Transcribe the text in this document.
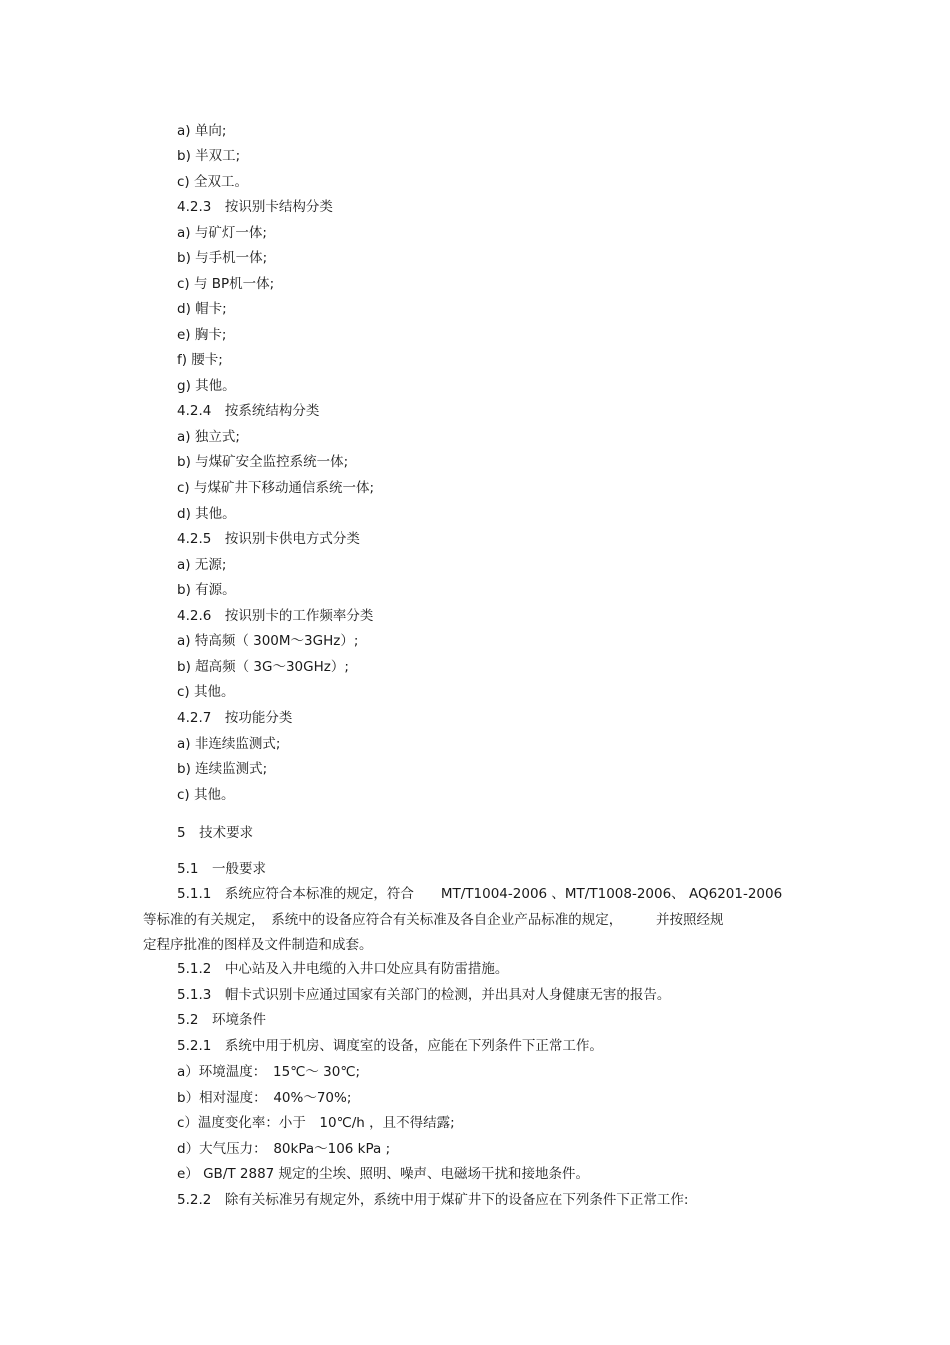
a) 单向;
b) 半双工;
c) 全双工。
4.2.3　按识别卡结构分类
a) 与矿灯一体;
b) 与手机一体;
c) 与 BP机一体;
d) 帽卡;
e) 胸卡;
f) 腰卡;
g) 其他。
4.2.4　按系统结构分类
a) 独立式;
b) 与煤矿安全监控系统一体;
c) 与煤矿井下移动通信系统一体;
d) 其他。
4.2.5　按识别卡供电方式分类
a) 无源;
b) 有源。
4.2.6　按识别卡的工作频率分类
a) 特高频（ 300M～3GHz）;
b) 超高频（ 3G～30GHz）;
c) 其他。
4.2.7　按功能分类
a) 非连续监测式;
b) 连续监测式;
c) 其他。
5　技术要求
5.1　一般要求
5.1.1　系统应符合本标准的规定，符合　　MT/T1004-2006 、MT/T1008-2006、 AQ6201-2006
等标准的有关规定，　系统中的设备应符合有关标准及各自企业产品标准的规定，　　　并按照经规
定程序批准的图样及文件制造和成套。
5.1.2　中心站及入井电缆的入井口处应具有防雷措施。
5.1.3　帽卡式识别卡应通过国家有关部门的检测，并出具对人身健康无害的报告。
5.2　环境条件
5.2.1　系统中用于机房、调度室的设备，应能在下列条件下正常工作。
a）环境温度：　15℃～ 30℃;
b）相对湿度：　40%～70%;
c）温度变化率：小于　10℃/h ，且不得结露;
d）大气压力：　80kPa～106 kPa ;
e） GB/T 2887 规定的尘埃、照明、噪声、电磁场干扰和接地条件。
5.2.2　除有关标准另有规定外，系统中用于煤矿井下的设备应在下列条件下正常工作:
